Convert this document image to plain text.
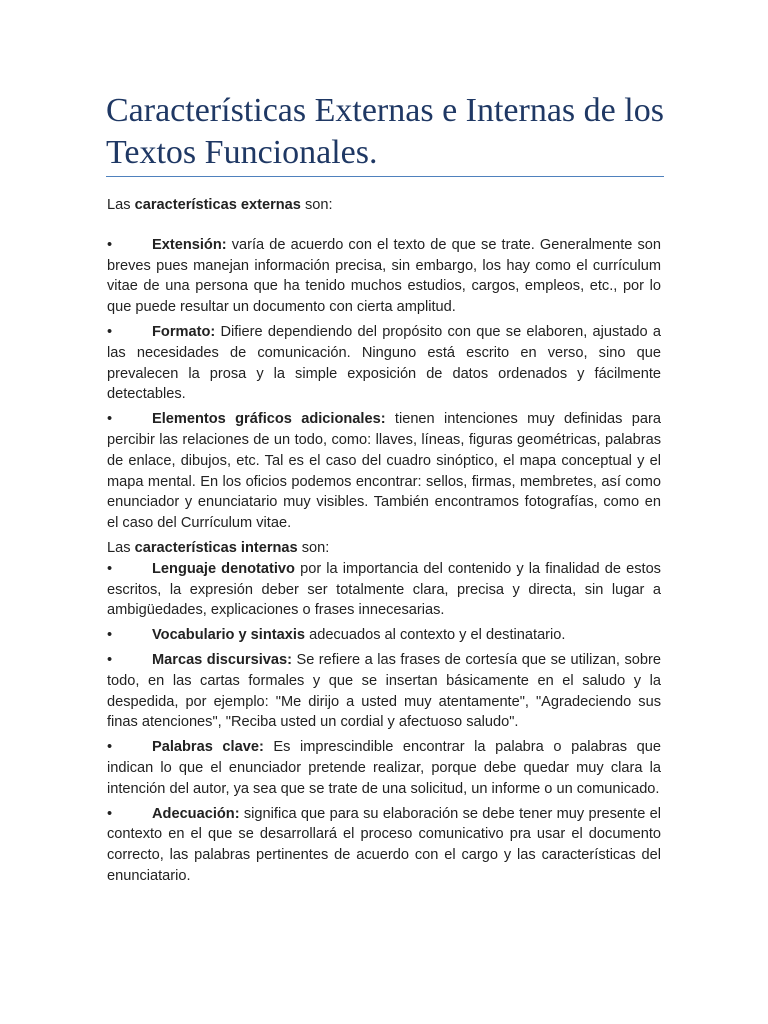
Características Externas e Internas de los Textos Funcionales.

Las características externas son:

•	Extensión: varía de acuerdo con el texto de que se trate. Generalmente son breves pues manejan información precisa, sin embargo, los hay como el currículum vitae de una persona que ha tenido muchos estudios, cargos, empleos, etc., por lo que puede resultar un documento con cierta amplitud.

•	Formato: Difiere dependiendo del propósito con que se elaboren, ajustado a las necesidades de comunicación. Ninguno está escrito en verso, sino que prevalecen la prosa y la simple exposición de datos ordenados y fácilmente detectables.

•	Elementos gráficos adicionales: tienen intenciones muy definidas para percibir las relaciones de un todo, como: llaves, líneas, figuras geométricas, palabras de enlace, dibujos, etc. Tal es el caso del cuadro sinóptico, el mapa conceptual y el mapa mental. En los oficios podemos encontrar: sellos, firmas, membretes, así como enunciador y enunciatario muy visibles. También encontramos fotografías, como en el caso del Currículum vitae.

Las características internas son:

•	Lenguaje denotativo por la importancia del contenido y la finalidad de estos escritos, la expresión deber ser totalmente clara, precisa y directa, sin lugar a ambigüedades, explicaciones o frases innecesarias.

•	Vocabulario y sintaxis adecuados al contexto y el destinatario.

•	Marcas discursivas: Se refiere a las frases de cortesía que se utilizan, sobre todo, en las cartas formales y que se insertan básicamente en el saludo y la despedida, por ejemplo: "Me dirijo a usted muy atentamente", "Agradeciendo sus finas atenciones", "Reciba usted un cordial y afectuoso saludo".

•	Palabras clave: Es imprescindible encontrar la palabra o palabras que indican lo que el enunciador pretende realizar, porque debe quedar muy clara la intención del autor, ya sea que se trate de una solicitud, un informe o un comunicado.

•	Adecuación: significa que para su elaboración se debe tener muy presente el contexto en el que se desarrollará el proceso comunicativo pra usar el documento correcto, las palabras pertinentes de acuerdo con el cargo y las características del enunciatario.
